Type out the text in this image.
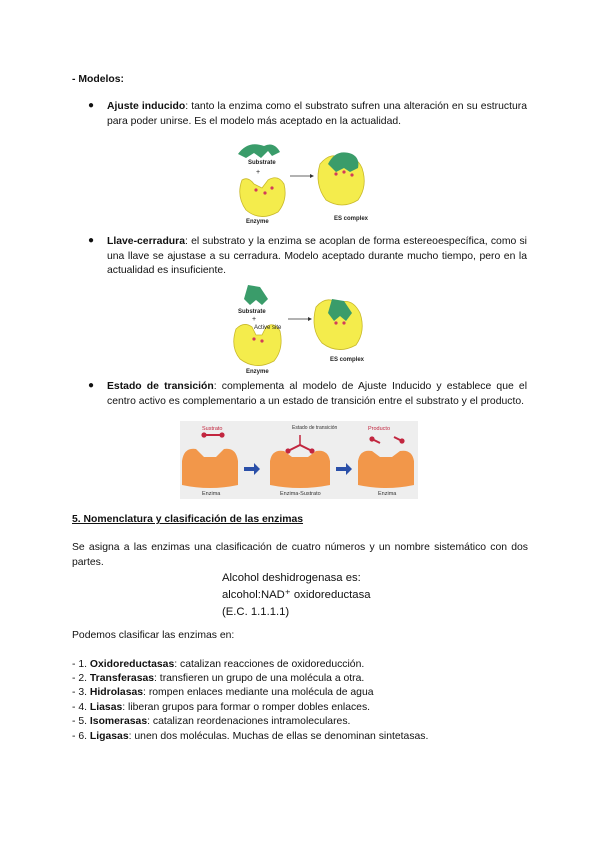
- Modelos:
● Ajuste inducido: tanto la enzima como el substrato sufren una alteración en su estructura para poder unirse. Es el modelo más aceptado en la actualidad.
Substrate
+
Enzyme	ES complex
● Llave-cerradura: el substrato y la enzima se acoplan de forma estereoespecífica, como si una llave se ajustase a su cerradura. Modelo aceptado durante mucho tiempo, pero en la actualidad es insuficiente.
Substrate
+
Active site
Enzyme
ES complex
● Estado de transición: complementa al modelo de Ajuste Inducido y establece que el centro activo es complementario a un estado de transición entre el substrato y el producto.
Sustrato
Enzima
Estado de transición
Enzima-Sustrato
Producto
Enzima
5. Nomenclatura y clasificación de las enzimas
Se asigna a las enzimas una clasificación de cuatro números y un nombre sistemático con dos partes.
Alcohol deshidrogenasa es:
alcohol:NAD⁺ oxidoreductasa
(E.C. 1.1.1.1)
Podemos clasificar las enzimas en:
- 1. Oxidoreductasas: catalizan reacciones de oxidoreducción.
- 2. Transferasas: transfieren un grupo de una molécula a otra.
- 3. Hidrolasas: rompen enlaces mediante una molécula de agua
- 4. Liasas: liberan grupos para formar o romper dobles enlaces.
- 5. Isomerasas: catalizan reordenaciones intramoleculares.
- 6. Ligasas: unen dos moléculas. Muchas de ellas se denominan sintetasas.
